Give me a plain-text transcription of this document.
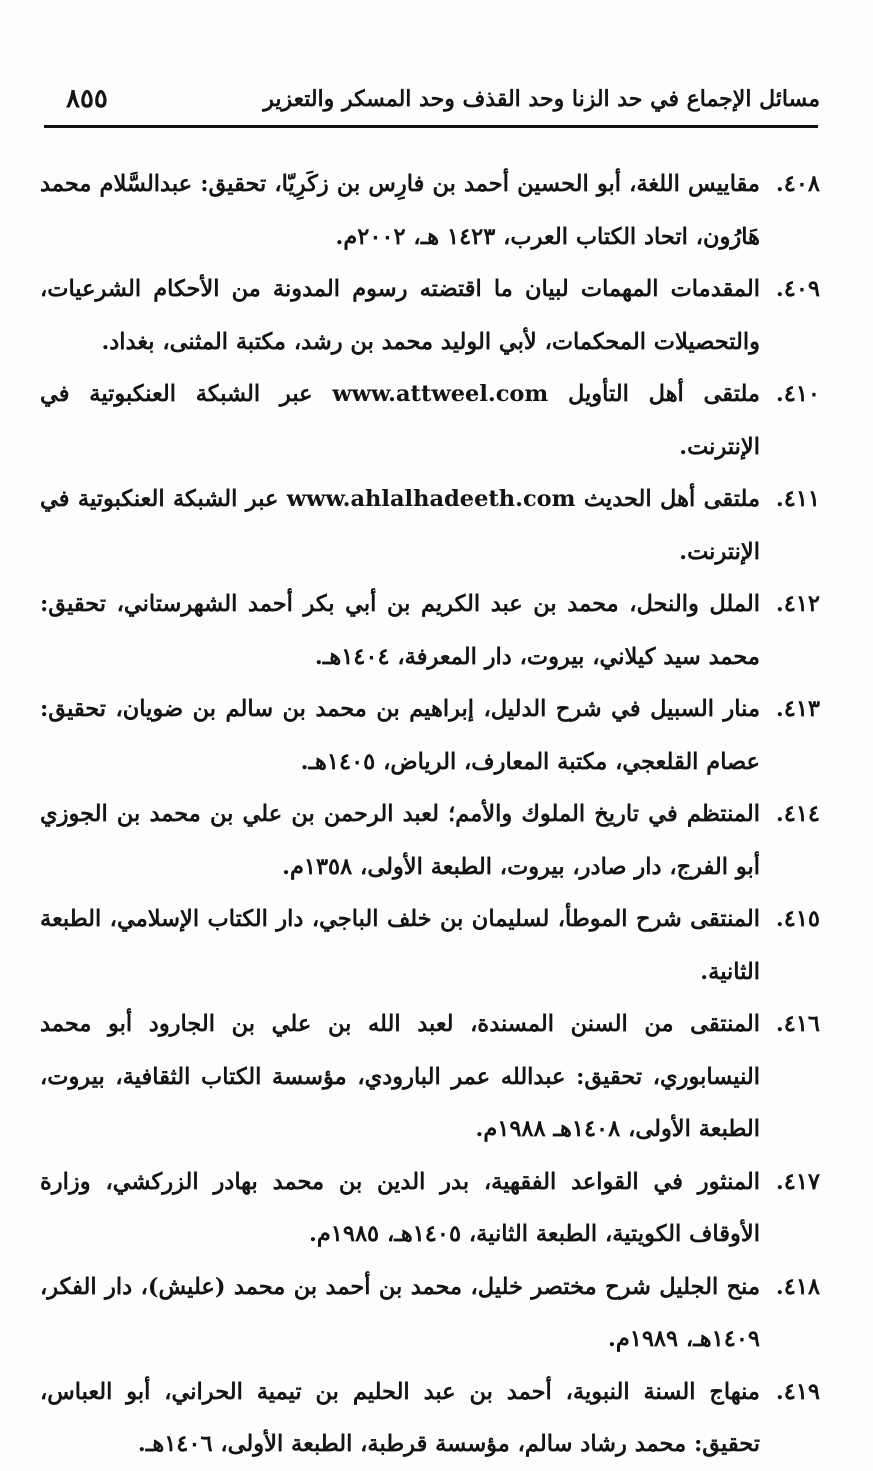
مسائل الإجماع في حد الزنا وحد القذف وحد المسكر والتعزير
٨٥٥
٤٠٨.
مقاييس اللغة، أبو الحسين أحمد بن فارِس بن زكَرِيّا، تحقيق: عبدالسَّلام محمد هَارُون، اتحاد الكتاب العرب، ١٤٢٣ هـ، ٢٠٠٢م.
٤٠٩.
المقدمات المهمات لبيان ما اقتضته رسوم المدونة من الأحكام الشرعيات، والتحصيلات المحكمات، لأبي الوليد محمد بن رشد، مكتبة المثنى، بغداد.
٤١٠.
ملتقى أهل التأويل www.attweel.com عبر الشبكة العنكبوتية في الإنترنت.
٤١١.
ملتقى أهل الحديث www.ahlalhadeeth.com عبر الشبكة العنكبوتية في الإنترنت.
٤١٢.
الملل والنحل، محمد بن عبد الكريم بن أبي بكر أحمد الشهرستاني، تحقيق: محمد سيد كيلاني، بيروت، دار المعرفة، ١٤٠٤هـ.
٤١٣.
منار السبيل في شرح الدليل، إبراهيم بن محمد بن سالم بن ضويان، تحقيق: عصام القلعجي، مكتبة المعارف، الرياض، ١٤٠٥هـ.
٤١٤.
المنتظم في تاريخ الملوك والأمم؛ لعبد الرحمن بن علي بن محمد بن الجوزي أبو الفرج، دار صادر، بيروت، الطبعة الأولى، ١٣٥٨م.
٤١٥.
المنتقى شرح الموطأ، لسليمان بن خلف الباجي، دار الكتاب الإسلامي، الطبعة الثانية.
٤١٦.
المنتقى من السنن المسندة، لعبد الله بن علي بن الجارود أبو محمد النيسابوري، تحقيق: عبدالله عمر البارودي، مؤسسة الكتاب الثقافية، بيروت، الطبعة الأولى، ١٤٠٨هـ ١٩٨٨م.
٤١٧.
المنثور في القواعد الفقهية، بدر الدين بن محمد بهادر الزركشي، وزارة الأوقاف الكويتية، الطبعة الثانية، ١٤٠٥هـ، ١٩٨٥م.
٤١٨.
منح الجليل شرح مختصر خليل، محمد بن أحمد بن محمد (عليش)، دار الفكر، ١٤٠٩هـ، ١٩٨٩م.
٤١٩.
منهاج السنة النبوية، أحمد بن عبد الحليم بن تيمية الحراني، أبو العباس، تحقيق: محمد رشاد سالم، مؤسسة قرطبة، الطبعة الأولى، ١٤٠٦هـ.
